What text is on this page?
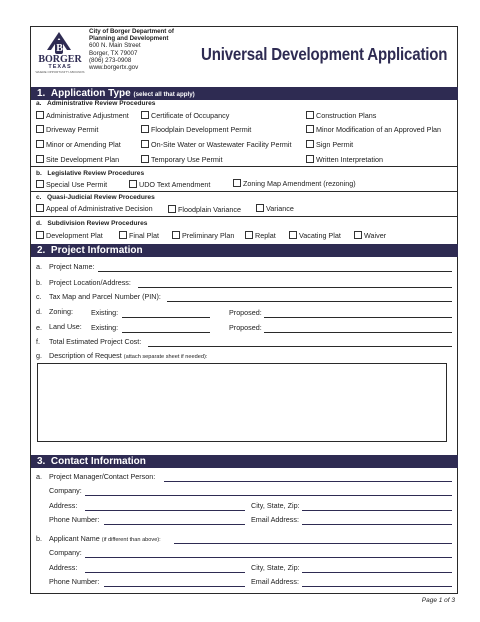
B
BORGER
TEXAS
WHERE OPPORTUNITY ABOUNDS
City of Borger Department of
Planning and Development
600 N. Main Street
Borger, TX 79007
(806) 273-0908
www.borgertx.gov
Universal Development Application
1. Application Type (select all that apply)
a. Administrative Review Procedures
Administrative Adjustment	Certificate of Occupancy	Construction Plans
Driveway Permit	Floodplain Development Permit	Minor Modification of an Approved Plan
Minor or Amending Plat	On-Site Water or Wastewater Facility Permit	Sign Permit
Site Development Plan	Temporary Use Permit	Written Interpretation
b. Legislative Review Procedures
Special Use Permit	UDO Text Amendment	Zoning Map Amendment (rezoning)
c. Quasi-Judicial Review Procedures
Appeal of Administrative Decision	Floodplain Variance	Variance
d. Subdivision Review Procedures
Development Plat	Final Plat	Preliminary Plan	Replat	Vacating Plat	Waiver
2. Project Information
a. Project Name:
b. Project Location/Address:
c. Tax Map and Parcel Number (PIN):
d. Zoning:	Existing:	Proposed:
e. Land Use: Existing:	Proposed:
f. Total Estimated Project Cost:
g. Description of Request (attach separate sheet if needed):
3. Contact Information
a. Project Manager/Contact Person:
Company:
Address:	City, State, Zip:
Phone Number:	Email Address:
b. Applicant Name (if different than above):
Company:
Address:	City, State, Zip:
Phone Number:	Email Address:
Page 1 of 3
